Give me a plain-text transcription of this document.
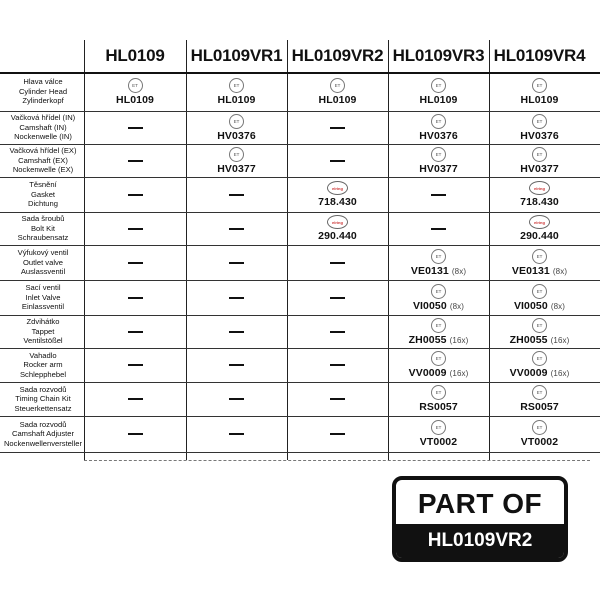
HL0109	HL0109VR1 HL0109VR2 HL0109VR3 HL0109VR4
Hlava válce
Cylinder Head
Zylinderkopf
ET
HL0109
ET
HL0109
ET
HL0109
ET
HL0109
ET
HL0109
Vačková hřídel (IN)
Camshaft (IN)
Nockenwelle (IN)
ET
HV0376
ET
HV0376
ET
HV0376
Vačková hřídel (EX)
Camshaft (EX)
Nockenwelle (EX)
ET
HV0377
ET
HV0377
ET
HV0377
Těsnění
Gasket
Dichtung
elring
718.430
elring
718.430
Sada šroubů
Bolt Kit
Schraubensatz
elring
290.440
elring
290.440
Výfukový ventil
Outlet valve
Auslassventil
ET
VE0131 (8x)
ET
VE0131 (8x)
Sací ventil
Inlet Valve
Einlassventil
ET
VI0050 (8x)
ET
VI0050 (8x)
Zdvihátko
Tappet
Ventilstößel
ET
ZH0055 (16x)
ET
ZH0055 (16x)
Vahadlo
Rocker arm
Schlepphebel
ET
VV0009 (16x)
ET
VV0009 (16x)
Sada rozvodů
Timing Chain Kit
Steuerkettensatz
ET
RS0057
ET
RS0057
Sada rozvodů
Camshaft Adjuster
Nockenwellenversteller
ET
VT0002
ET
VT0002
PART OF
HL0109VR2
